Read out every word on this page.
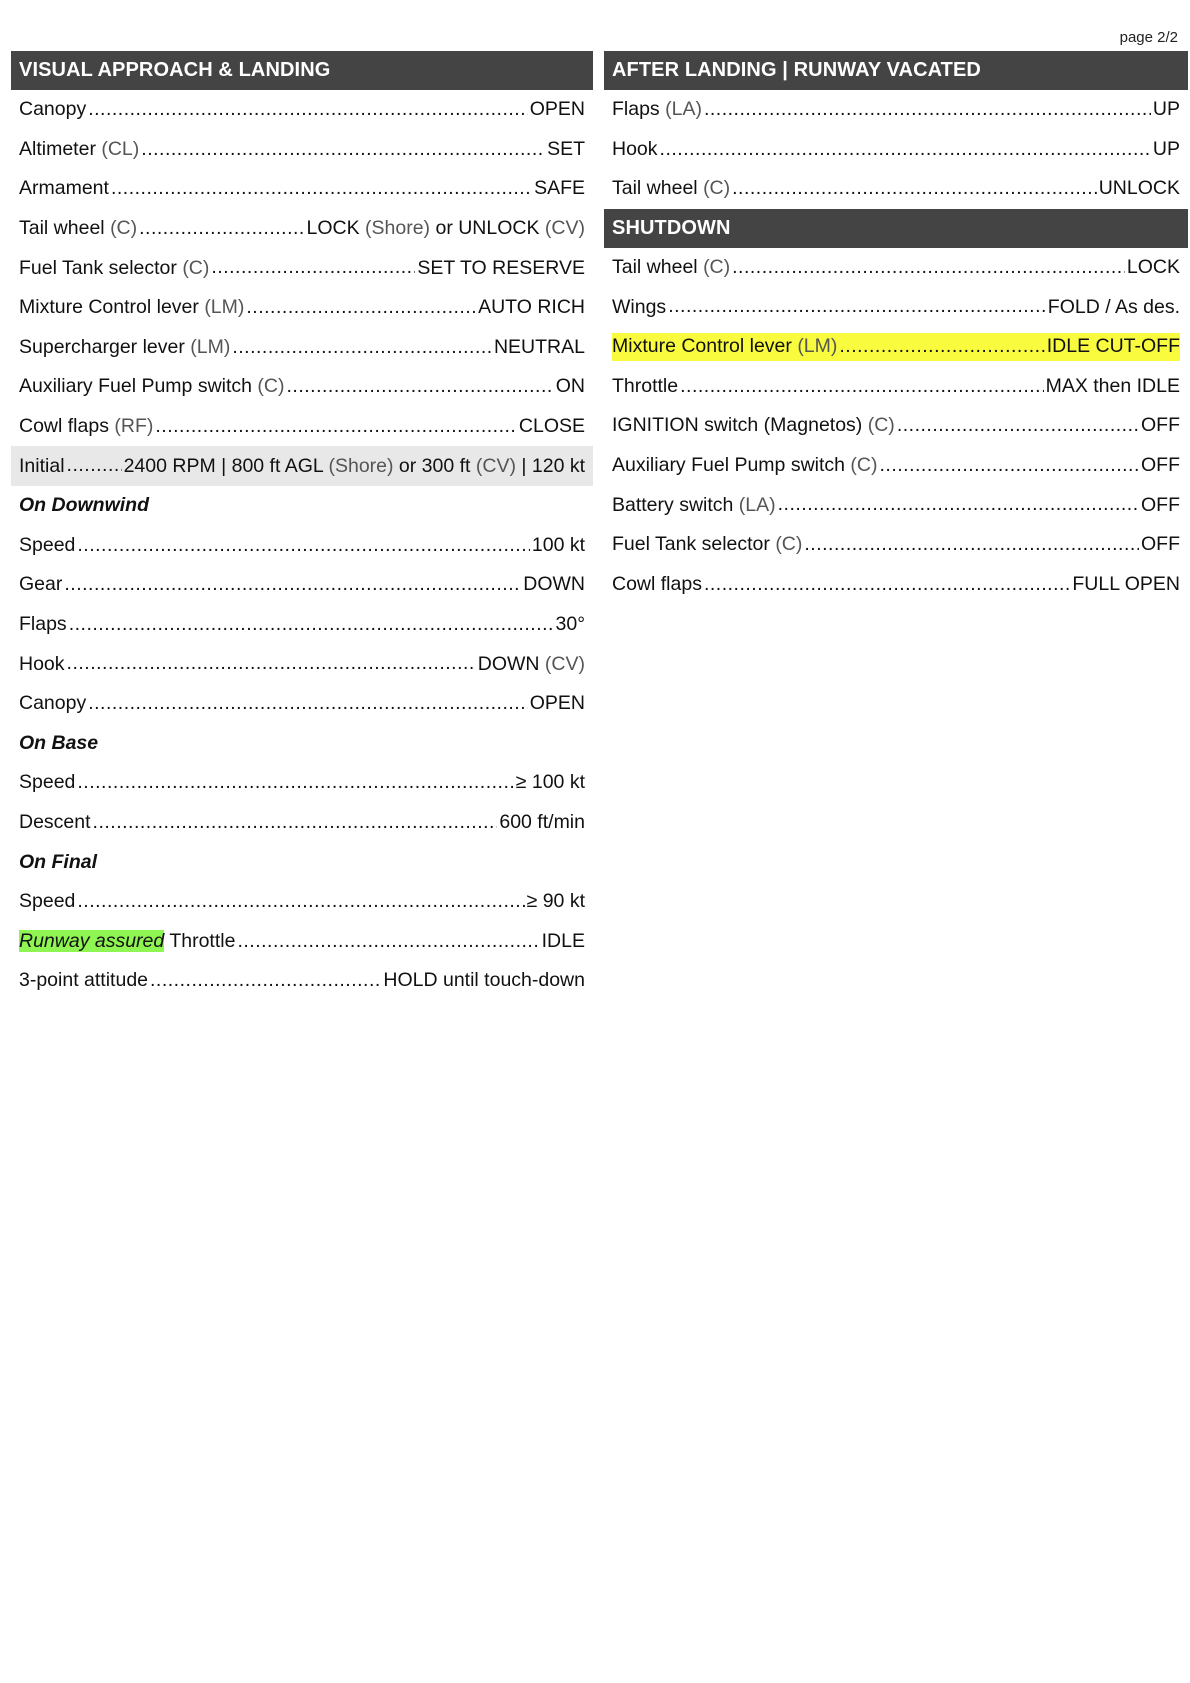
page 2/2
VISUAL APPROACH & LANDING
Canopy .....	OPEN
Altimeter (CL) .....	SET
Armament .....	SAFE
Tail wheel (C) .....	LOCK (Shore) or UNLOCK (CV)
Fuel Tank selector (C) .....	SET TO RESERVE
Mixture Control lever (LM) .....	AUTO RICH
Supercharger lever (LM) .....	NEUTRAL
Auxiliary Fuel Pump switch (C) .....	ON
Cowl flaps (RF) .....	CLOSE
Initial .....	2400 RPM | 800 ft AGL (Shore) or 300 ft (CV) | 120 kt
On Downwind
Speed .....	100 kt
Gear .....	DOWN
Flaps .....	30°
Hook .....	DOWN (CV)
Canopy .....	OPEN
On Base
Speed .....	≥ 100 kt
Descent .....	600 ft/min
On Final
Speed .....	≥ 90 kt
Runway assured Throttle .....	IDLE
3-point attitude .....	HOLD until touch-down
AFTER LANDING | RUNWAY VACATED
Flaps (LA) .....	UP
Hook .....	UP
Tail wheel (C) .....	UNLOCK
SHUTDOWN
Tail wheel (C) .....	LOCK
Wings .....	FOLD / As des.
Mixture Control lever (LM) .....	IDLE CUT-OFF
Throttle .....	MAX then IDLE
IGNITION switch (Magnetos) (C) .....	OFF
Auxiliary Fuel Pump switch (C) .....	OFF
Battery switch (LA) .....	OFF
Fuel Tank selector (C) .....	OFF
Cowl flaps .....	FULL OPEN
